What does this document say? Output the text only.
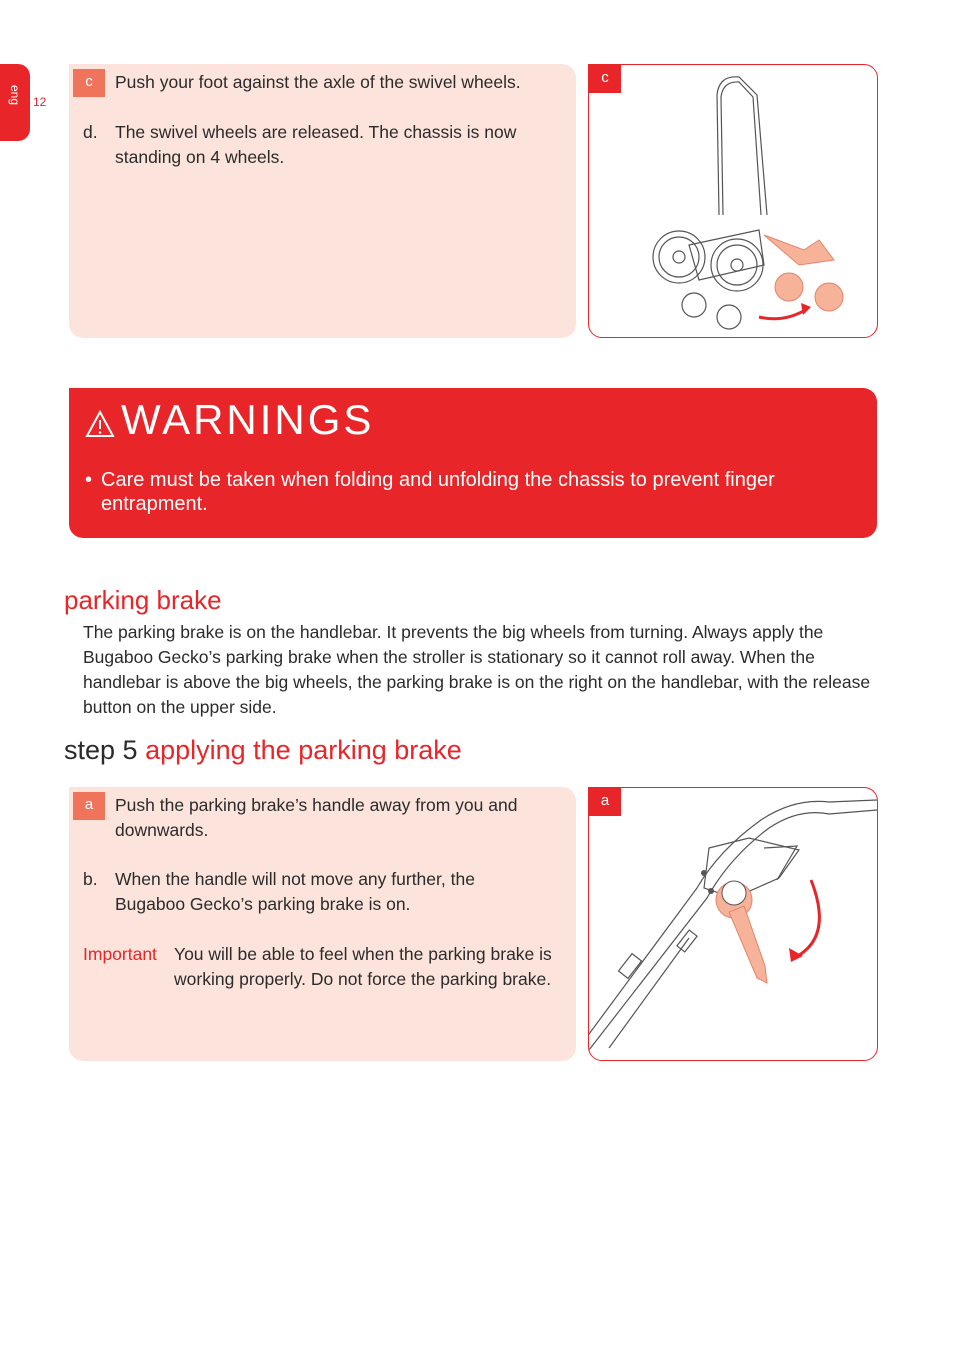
eng 12
c	Push your foot against the axle of the swivel wheels.
d. The swivel wheels are released. The chassis is now standing on 4 wheels.
c
WARNINGS
• Care must be taken when folding and unfolding the chassis to prevent finger entrapment.
parking brake
The parking brake is on the handlebar. It prevents the big wheels from turning. Always apply the Bugaboo Gecko’s parking brake when the stroller is stationary so it cannot roll away. When the handlebar is above the big wheels, the parking brake is on the right on the handlebar, with the release button on the upper side.
step 5 applying the parking brake
a	Push the parking brake’s handle away from you and downwards.
b. When the handle will not move any further, the Bugaboo Gecko’s parking brake is on.
You will be able to feel when the parking brake is working properly. Do not force the parking brake.
Important
a
